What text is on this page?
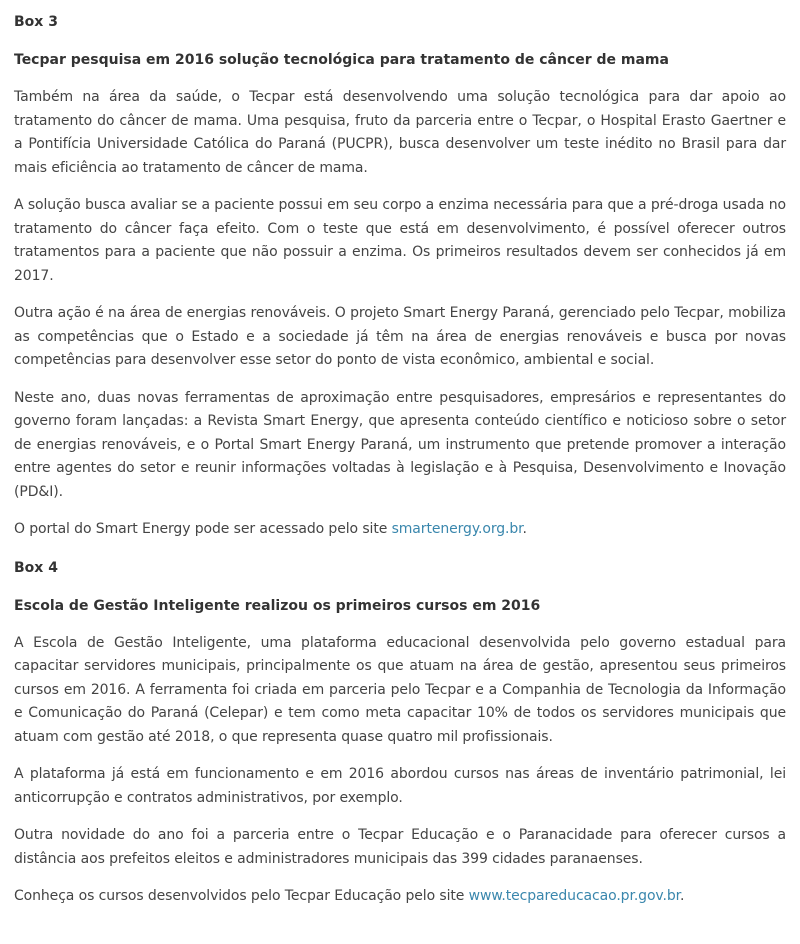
Box 3
Tecpar pesquisa em 2016 solução tecnológica para tratamento de câncer de mama

Também na área da saúde, o Tecpar está desenvolvendo uma solução tecnológica para dar apoio ao tratamento do câncer de mama. Uma pesquisa, fruto da parceria entre o Tecpar, o Hospital Erasto Gaertner e a Pontifícia Universidade Católica do Paraná (PUCPR), busca desenvolver um teste inédito no Brasil para dar mais eficiência ao tratamento de câncer de mama.

A solução busca avaliar se a paciente possui em seu corpo a enzima necessária para que a pré-droga usada no tratamento do câncer faça efeito. Com o teste que está em desenvolvimento, é possível oferecer outros tratamentos para a paciente que não possuir a enzima. Os primeiros resultados devem ser conhecidos já em 2017.

Outra ação é na área de energias renováveis. O projeto Smart Energy Paraná, gerenciado pelo Tecpar, mobiliza as competências que o Estado e a sociedade já têm na área de energias renováveis e busca por novas competências para desenvolver esse setor do ponto de vista econômico, ambiental e social.

Neste ano, duas novas ferramentas de aproximação entre pesquisadores, empresários e representantes do governo foram lançadas: a Revista Smart Energy, que apresenta conteúdo científico e noticioso sobre o setor de energias renováveis, e o Portal Smart Energy Paraná, um instrumento que pretende promover a interação entre agentes do setor e reunir informações voltadas à legislação e à Pesquisa, Desenvolvimento e Inovação (PD&I).

O portal do Smart Energy pode ser acessado pelo site smartenergy.org.br.

Box 4
Escola de Gestão Inteligente realizou os primeiros cursos em 2016

A Escola de Gestão Inteligente, uma plataforma educacional desenvolvida pelo governo estadual para capacitar servidores municipais, principalmente os que atuam na área de gestão, apresentou seus primeiros cursos em 2016. A ferramenta foi criada em parceria pelo Tecpar e a Companhia de Tecnologia da Informação e Comunicação do Paraná (Celepar) e tem como meta capacitar 10% de todos os servidores municipais que atuam com gestão até 2018, o que representa quase quatro mil profissionais.

A plataforma já está em funcionamento e em 2016 abordou cursos nas áreas de inventário patrimonial, lei anticorrupção e contratos administrativos, por exemplo.

Outra novidade do ano foi a parceria entre o Tecpar Educação e o Paranacidade para oferecer cursos a distância aos prefeitos eleitos e administradores municipais das 399 cidades paranaenses.

Conheça os cursos desenvolvidos pelo Tecpar Educação pelo site www.tecpareducacao.pr.gov.br.
